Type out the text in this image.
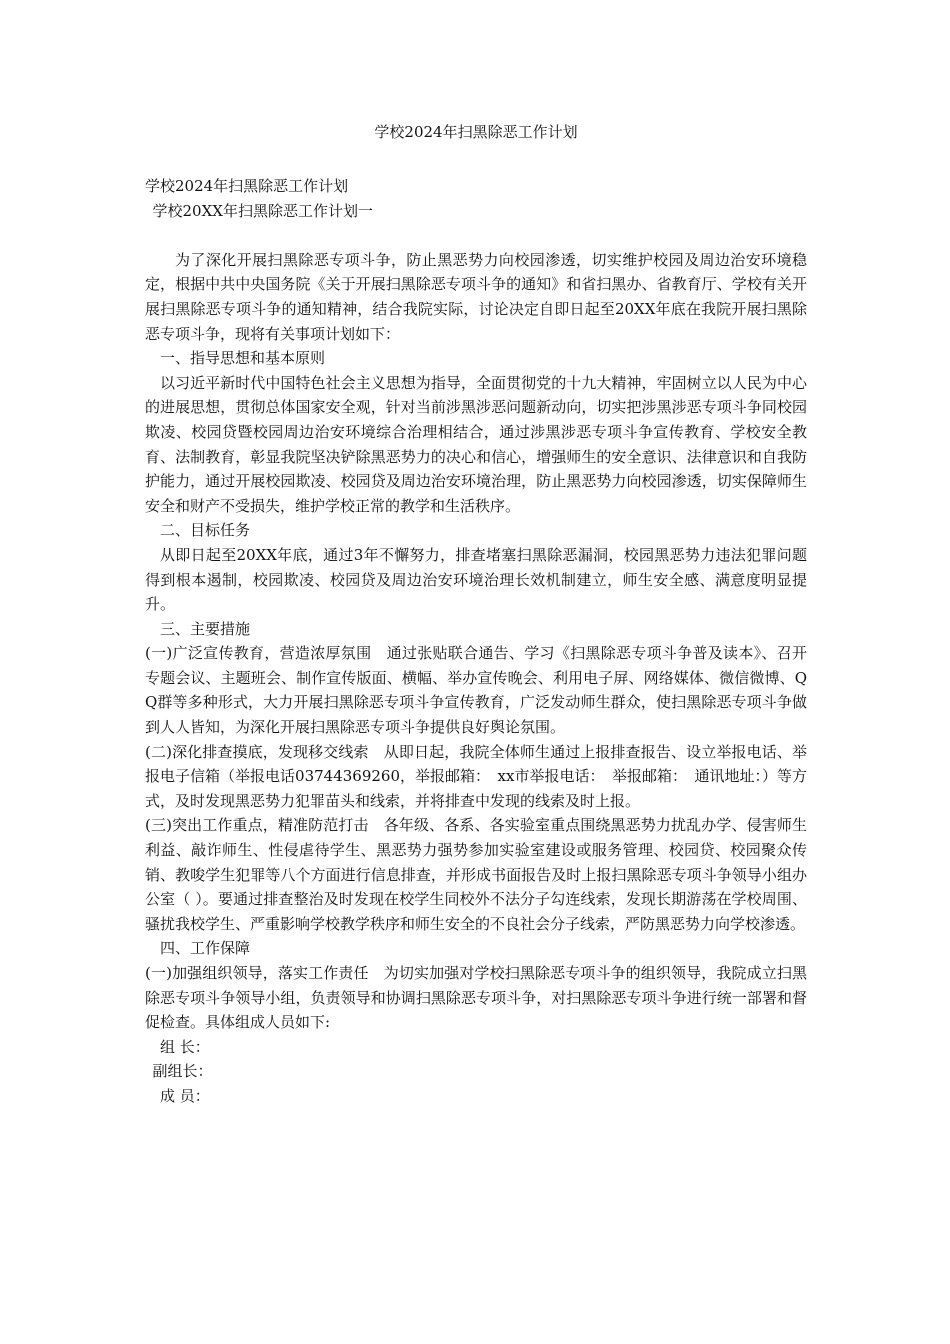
学校2024年扫黑除恶工作计划

学校2024年扫黑除恶工作计划

学校20XX年扫黑除恶工作计划一

为了深化开展扫黑除恶专项斗争，防止黑恶势力向校园渗透，切实维护校园及周边治安环境稳定，根据中共中央国务院《关于开展扫黑除恶专项斗争的通知》和省扫黑办、省教育厅、学校有关开展扫黑除恶专项斗争的通知精神，结合我院实际，讨论决定自即日起至20XX年底在我院开展扫黑除恶专项斗争，现将有关事项计划如下：

一、指导思想和基本原则

以习近平新时代中国特色社会主义思想为指导，全面贯彻党的十九大精神，牢固树立以人民为中心的进展思想，贯彻总体国家安全观，针对当前涉黑涉恶问题新动向，切实把涉黑涉恶专项斗争同校园欺凌、校园贷暨校园周边治安环境综合治理相结合，通过涉黑涉恶专项斗争宣传教育、学校安全教育、法制教育，彰显我院坚决铲除黑恶势力的决心和信心，增强师生的安全意识、法律意识和自我防护能力，通过开展校园欺凌、校园贷及周边治安环境治理，防止黑恶势力向校园渗透，切实保障师生安全和财产不受损失，维护学校正常的教学和生活秩序。

二、目标任务

从即日起至20XX年底，通过3年不懈努力，排查堵塞扫黑除恶漏洞，校园黑恶势力违法犯罪问题得到根本遏制，校园欺凌、校园贷及周边治安环境治理长效机制建立，师生安全感、满意度明显提升。

三、主要措施

(一)广泛宣传教育，营造浓厚氛围　通过张贴联合通告、学习《扫黑除恶专项斗争普及读本》、召开专题会议、主题班会、制作宣传版面、横幅、举办宣传晚会、利用电子屏、网络媒体、微信微博、QQ群等多种形式，大力开展扫黑除恶专项斗争宣传教育，广泛发动师生群众，使扫黑除恶专项斗争做到人人皆知，为深化开展扫黑除恶专项斗争提供良好舆论氛围。

(二)深化排查摸底，发现移交线索　从即日起，我院全体师生通过上报排查报告、设立举报电话、举报电子信箱（举报电话03744369260，举报邮箱：　xx市举报电话：　举报邮箱：　通讯地址：）等方式，及时发现黑恶势力犯罪苗头和线索，并将排查中发现的线索及时上报。

(三)突出工作重点，精准防范打击　各年级、各系、各实验室重点围绕黑恶势力扰乱办学、侵害师生利益、敲诈师生、性侵虐待学生、黑恶势力强势参加实验室建设或服务管理、校园贷、校园聚众传销、教唆学生犯罪等八个方面进行信息排查，并形成书面报告及时上报扫黑除恶专项斗争领导小组办公室（ ）。要通过排查整治及时发现在校学生同校外不法分子勾连线索，发现长期游荡在学校周围、骚扰我校学生、严重影响学校教学秩序和师生安全的不良社会分子线索，严防黑恶势力向学校渗透。

四、工作保障

(一)加强组织领导，落实工作责任　为切实加强对学校扫黑除恶专项斗争的组织领导，我院成立扫黑除恶专项斗争领导小组，负责领导和协调扫黑除恶专项斗争，对扫黑除恶专项斗争进行统一部署和督促检查。具体组成人员如下:

组 长：

副组长：

成 员：
